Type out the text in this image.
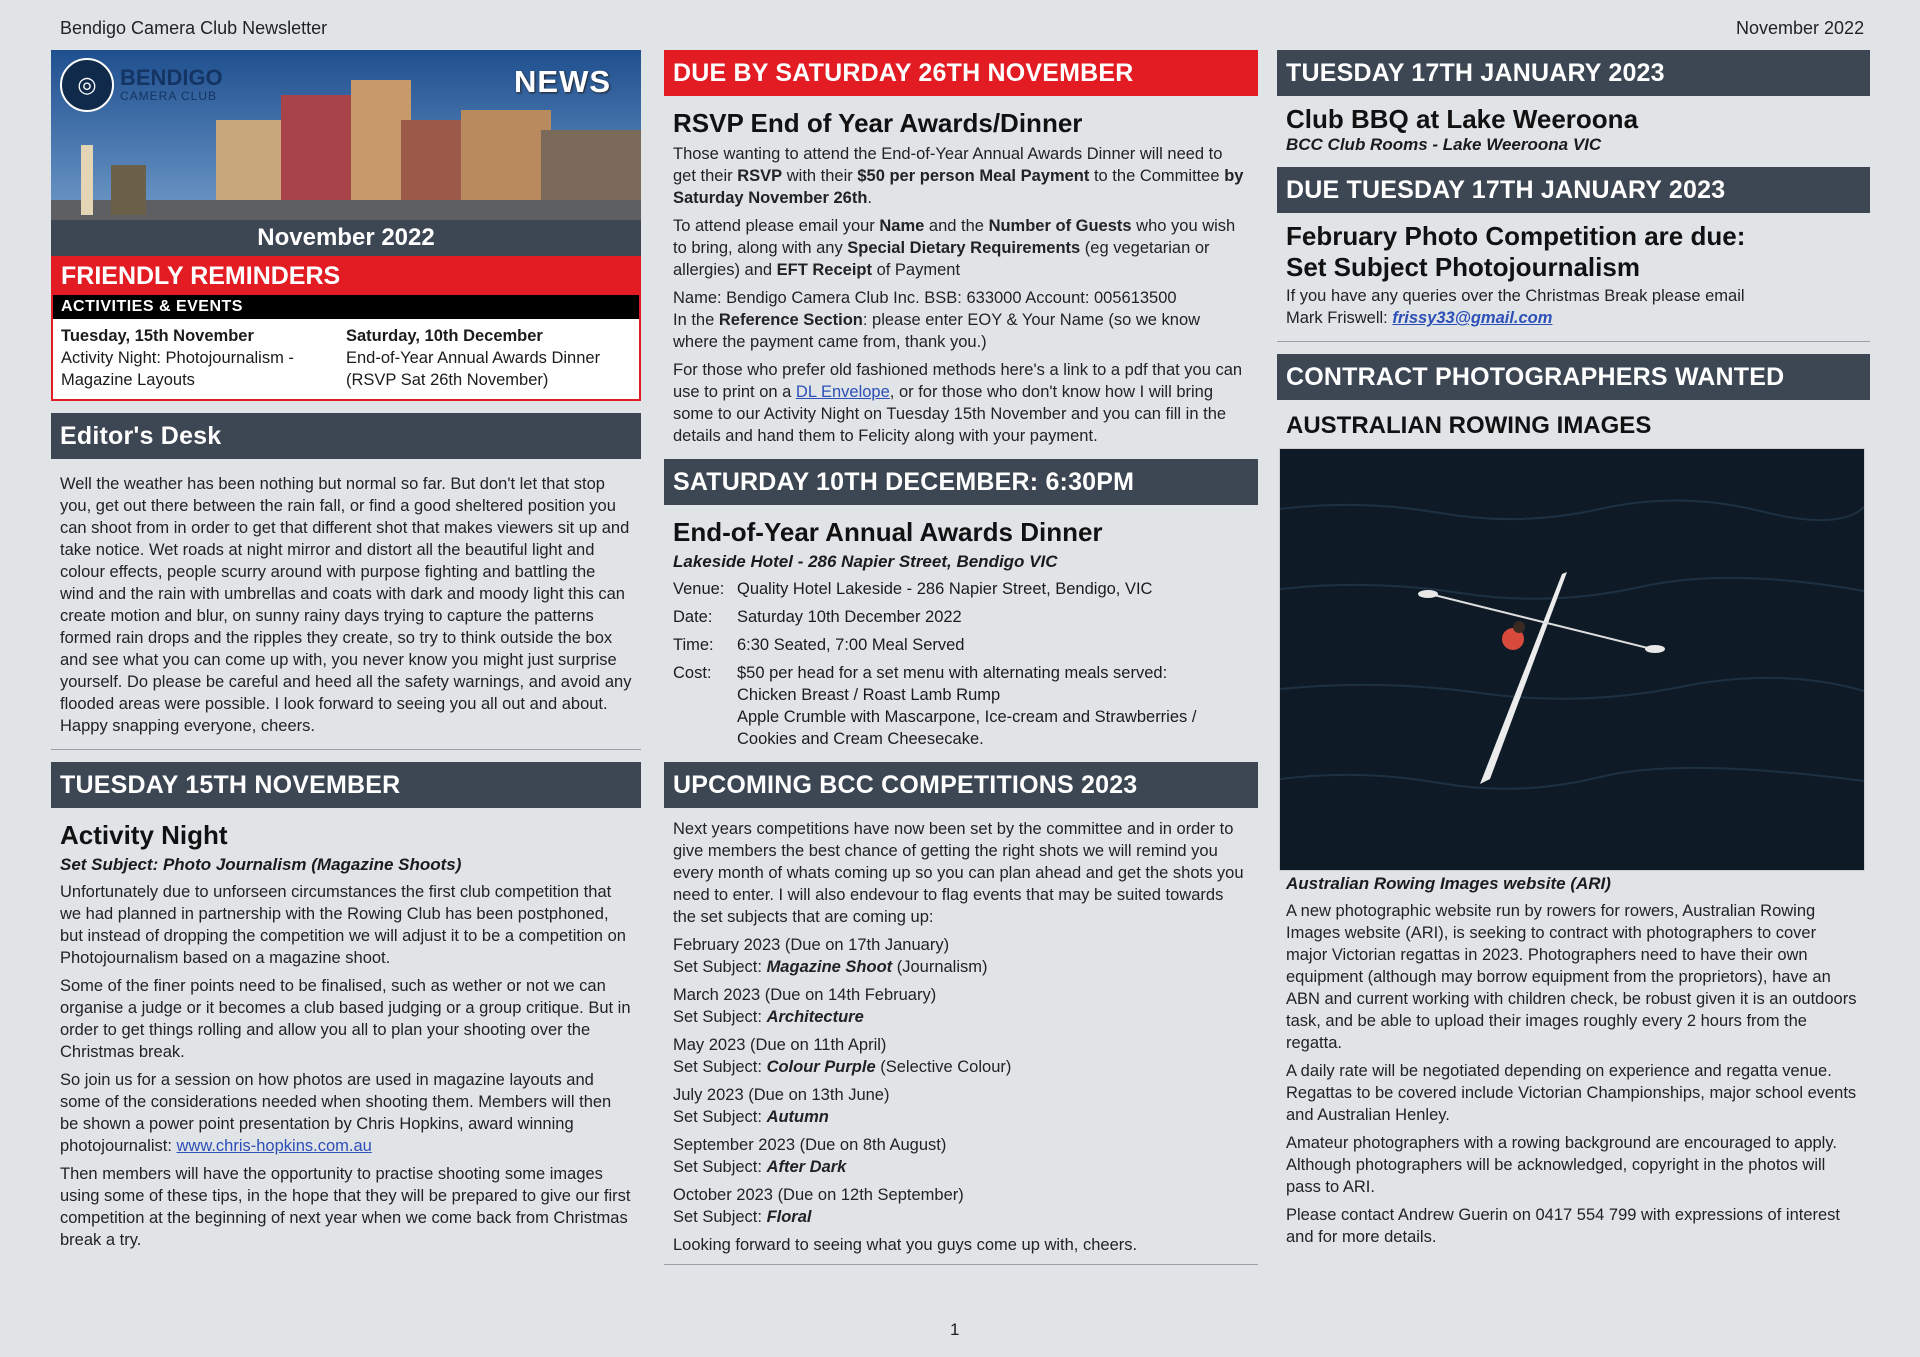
Bendigo Camera Club Newsletter	November 2022
◎	BENDIGO
CAMERA CLUB	NEWS
November 2022
FRIENDLY REMINDERS
ACTIVITIES & EVENTS
Tuesday, 15th November
Activity Night: Photojournalism -
Magazine Layouts
Saturday, 10th December
End-of-Year Annual Awards Dinner
(RSVP Sat 26th November)
Editor's Desk
Well the weather has been nothing but normal so far. But don't let that stop you, get out there between the rain fall, or find a good sheltered position you can shoot from in order to get that different shot that makes viewers sit up and take notice. Wet roads at night mirror and distort all the beautiful light and colour effects, people scurry around with purpose fighting and battling the wind and the rain with umbrellas and coats with dark and moody light this can create motion and blur, on sunny rainy days trying to capture the patterns formed rain drops and the ripples they create, so try to think outside the box and see what you can come up with, you never know you might just surprise yourself. Do please be careful and heed all the safety warnings, and avoid any flooded areas were possible. I look forward to seeing you all out and about. Happy snapping everyone, cheers.
TUESDAY 15TH NOVEMBER
Activity Night
Set Subject: Photo Journalism (Magazine Shoots)
Unfortunately due to unforseen circumstances the first club competition that we had planned in partnership with the Rowing Club has been postphoned, but instead of dropping the competition we will adjust it to be a competition on Photojournalism based on a magazine shoot.
Some of the finer points need to be finalised, such as wether or not we can organise a judge or it becomes a club based judging or a group critique. But in order to get things rolling and allow you all to plan your shooting over the Christmas break.
So join us for a session on how photos are used in magazine layouts and some of the considerations needed when shooting them. Members will then be shown a power point presentation by Chris Hopkins, award winning photojournalist: www.chris-hopkins.com.au
Then members will have the opportunity to practise shooting some images using some of these tips, in the hope that they will be prepared to give our first competition at the beginning of next year when we come back from Christmas break a try.
DUE BY SATURDAY 26TH NOVEMBER
RSVP End of Year Awards/Dinner
Those wanting to attend the End-of-Year Annual Awards Dinner will need to get their RSVP with their $50 per person Meal Payment to the Committee by Saturday November 26th.
To attend please email your Name and the Number of Guests who you wish to bring, along with any Special Dietary Requirements (eg vegetarian or allergies) and EFT Receipt of Payment
Name: Bendigo Camera Club Inc. BSB: 633000 Account: 005613500
In the Reference Section: please enter EOY & Your Name (so we know where the payment came from, thank you.)
For those who prefer old fashioned methods here's a link to a pdf that you can use to print on a DL Envelope, or for those who don't know how I will bring some to our Activity Night on Tuesday 15th November and you can fill in the details and hand them to Felicity along with your payment.
SATURDAY 10TH DECEMBER: 6:30PM
End-of-Year Annual Awards Dinner
Lakeside Hotel - 286 Napier Street, Bendigo VIC
Venue: Quality Hotel Lakeside - 286 Napier Street, Bendigo, VIC
Date:	Saturday 10th December 2022
Time:	6:30 Seated, 7:00 Meal Served
Cost:	$50 per head for a set menu with alternating meals served:
Chicken Breast / Roast Lamb Rump
Apple Crumble with Mascarpone, Ice-cream and Strawberries /
Cookies and Cream Cheesecake.
UPCOMING BCC COMPETITIONS 2023
Next years competitions have now been set by the committee and in order to give members the best chance of getting the right shots we will remind you every month of whats coming up so you can plan ahead and get the shots you need to enter. I will also endevour to flag events that may be suited towards the set subjects that are coming up:
February 2023 (Due on 17th January)
Set Subject: Magazine Shoot (Journalism)
March 2023 (Due on 14th February)
Set Subject: Architecture
May 2023 (Due on 11th April)
Set Subject: Colour Purple (Selective Colour)
July 2023 (Due on 13th June)
Set Subject: Autumn
September 2023 (Due on 8th August)
Set Subject: After Dark
October 2023 (Due on 12th September)
Set Subject: Floral
Looking forward to seeing what you guys come up with, cheers.
TUESDAY 17TH JANUARY 2023
Club BBQ at Lake Weeroona
BCC Club Rooms - Lake Weeroona VIC
DUE TUESDAY 17TH JANUARY 2023
February Photo Competition are due:
Set Subject Photojournalism
If you have any queries over the Christmas Break please email
Mark Friswell: frissy33@gmail.com
CONTRACT PHOTOGRAPHERS WANTED
AUSTRALIAN ROWING IMAGES
Australian Rowing Images website (ARI)
A new photographic website run by rowers for rowers, Australian Rowing Images website (ARI), is seeking to contract with photographers to cover major Victorian regattas in 2023. Photographers need to have their own equipment (although may borrow equipment from the proprietors), have an ABN and current working with children check, be robust given it is an outdoors task, and be able to upload their images roughly every 2 hours from the regatta.
A daily rate will be negotiated depending on experience and regatta venue. Regattas to be covered include Victorian Championships, major school events and Australian Henley.
Amateur photographers with a rowing background are encouraged to apply. Although photographers will be acknowledged, copyright in the photos will pass to ARI.
Please contact Andrew Guerin on 0417 554 799 with expressions of interest and for more details.
1
